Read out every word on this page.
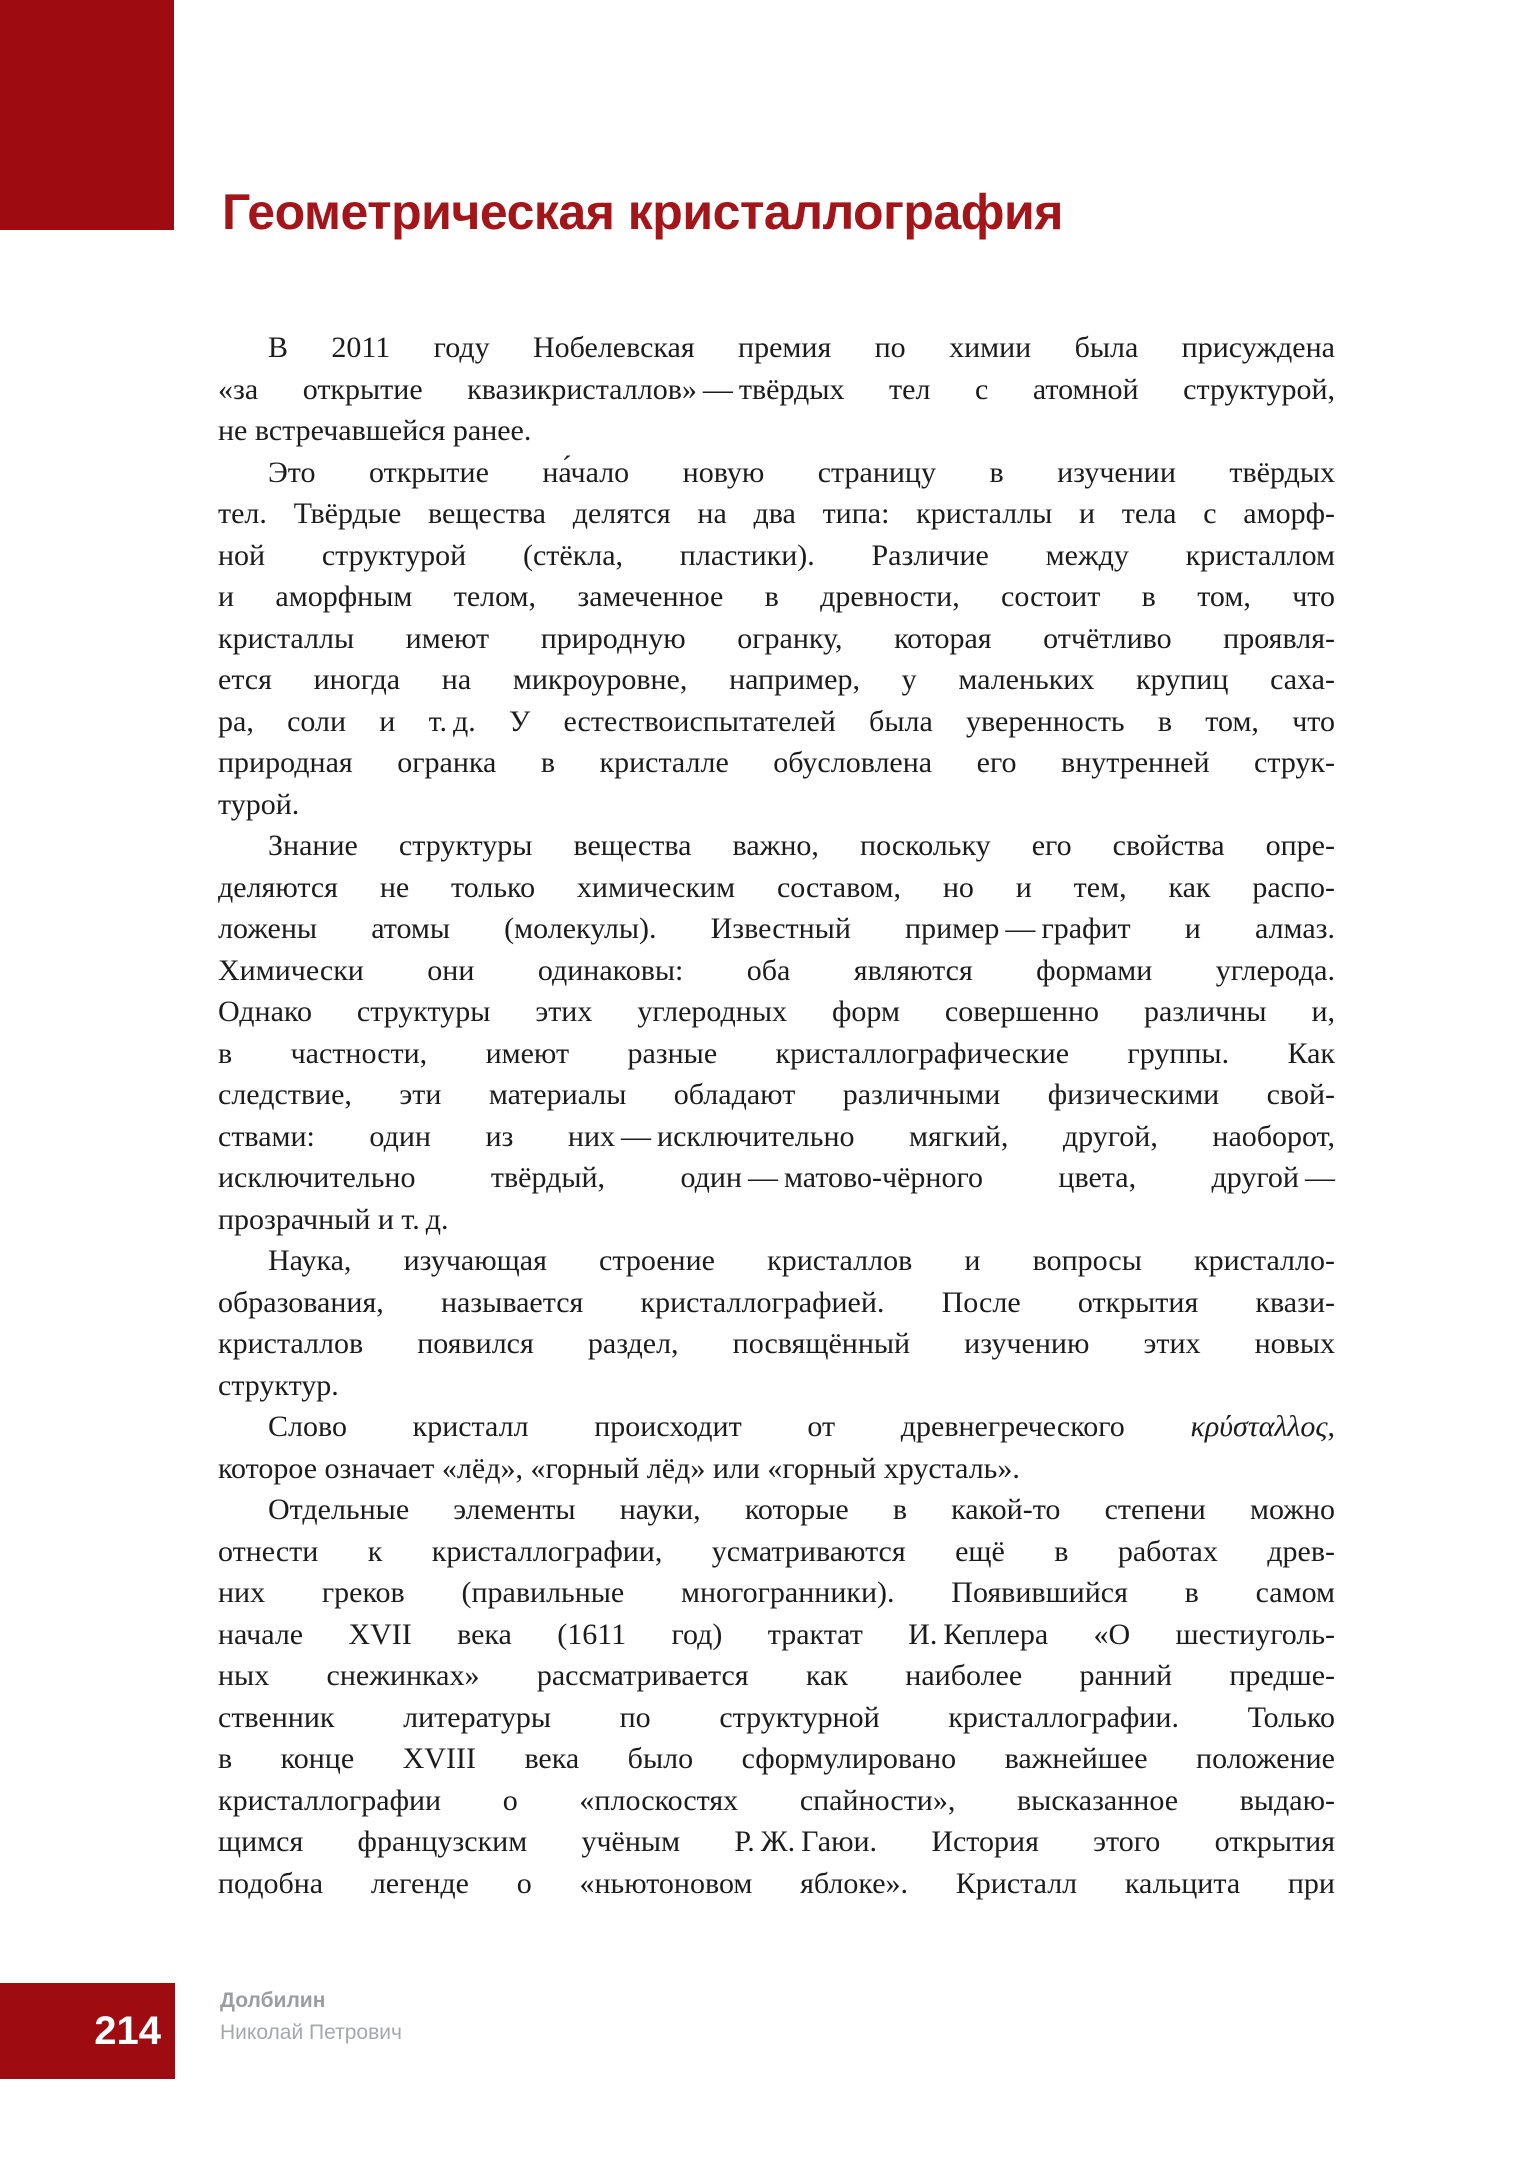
Геометрическая кристаллография
В 2011 году Нобелевская премия по химии была присуждена
«за открытие квазикристаллов» — твёрдых тел с атомной структурой,
не встречавшейся ранее.
Это открытие на́чало новую страницу в изучении твёрдых
тел. Твёрдые вещества делятся на два типа: кристаллы и тела с аморф-
ной структурой (стёкла, пластики). Различие между кристаллом
и аморфным телом, замеченное в древности, состоит в том, что
кристаллы имеют природную огранку, которая отчётливо проявля-
ется иногда на микроуровне, например, у маленьких крупиц саха-
ра, соли и т. д. У естествоиспытателей была уверенность в том, что
природная огранка в кристалле обусловлена его внутренней струк-
турой.
Знание структуры вещества важно, поскольку его свойства опре-
деляются не только химическим составом, но и тем, как распо-
ложены атомы (молекулы). Известный пример — графит и алмаз.
Химически они одинаковы: оба являются формами углерода.
Однако структуры этих углеродных форм совершенно различны и,
в частности, имеют разные кристаллографические группы. Как
следствие, эти материалы обладают различными физическими свой-
ствами: один из них — исключительно мягкий, другой, наоборот,
исключительно твёрдый, один — матово-чёрного цвета, другой —
прозрачный и т. д.
Наука, изучающая строение кристаллов и вопросы кристалло-
образования, называется кристаллографией. После открытия квази-
кристаллов появился раздел, посвящённый изучению этих новых
структур.
Слово кристалл происходит от древнегреческого κρύσταλλος,
которое означает «лёд», «горный лёд» или «горный хрусталь».
Отдельные элементы науки, которые в какой-то степени можно
отнести к кристаллографии, усматриваются ещё в работах древ-
них греков (правильные многогранники). Появившийся в самом
начале XVII века (1611 год) трактат И. Кеплера «О шестиуголь-
ных снежинках» рассматривается как наиболее ранний предше-
ственник литературы по структурной кристаллографии. Только
в конце XVIII века было сформулировано важнейшее положение
кристаллографии о «плоскостях спайности», высказанное выдаю-
щимся французским учёным Р. Ж. Гаюи. История этого открытия
подобна легенде о «ньютоновом яблоке». Кристалл кальцита при
214
Долбилин
Николай Петрович
